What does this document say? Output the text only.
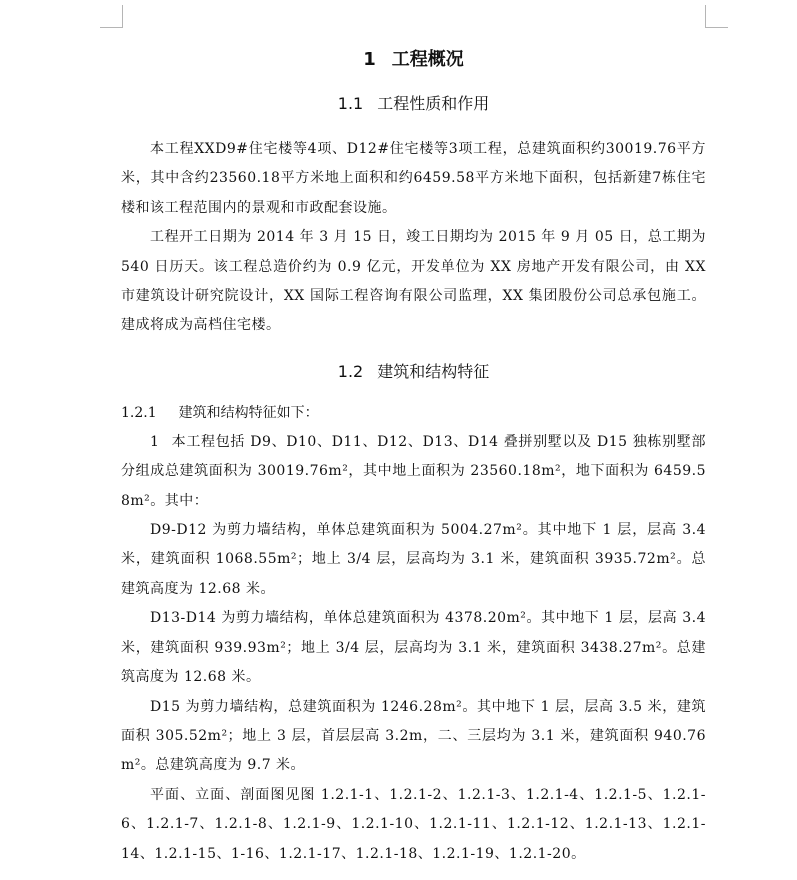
1 工程概况
1.1 工程性质和作用

本工程XXD9#住宅楼等4项、D12#住宅楼等3项工程，总建筑面积约30019.76平方米，其中含约23560.18平方米地上面积和约6459.58平方米地下面积，包括新建7栋住宅楼和该工程范围内的景观和市政配套设施。

工程开工日期为 2014 年 3 月 15 日，竣工日期均为 2015 年 9 月 05 日，总工期为 540 日历天。该工程总造价约为 0.9 亿元，开发单位为 XX 房地产开发有限公司，由 XX 市建筑设计研究院设计，XX 国际工程咨询有限公司监理，XX 集团股份公司总承包施工。建成将成为高档住宅楼。

1.2 建筑和结构特征
1.2.1 建筑和结构特征如下：

1 本工程包括 D9、D10、D11、D12、D13、D14 叠拼别墅以及 D15 独栋别墅部分组成总建筑面积为 30019.76m²，其中地上面积为 23560.18m²，地下面积为 6459.58m²。其中：

D9-D12 为剪力墙结构，单体总建筑面积为 5004.27m²。其中地下 1 层，层高 3.4 米，建筑面积 1068.55m²；地上 3/4 层，层高均为 3.1 米，建筑面积 3935.72m²。总建筑高度为 12.68 米。

D13-D14 为剪力墙结构，单体总建筑面积为 4378.20m²。其中地下 1 层，层高 3.4 米，建筑面积 939.93m²；地上 3/4 层，层高均为 3.1 米，建筑面积 3438.27m²。总建筑高度为 12.68 米。

D15 为剪力墙结构，总建筑面积为 1246.28m²。其中地下 1 层，层高 3.5 米，建筑面积 305.52m²；地上 3 层，首层层高 3.2m，二、三层均为 3.1 米，建筑面积 940.76m²。总建筑高度为 9.7 米。

平面、立面、剖面图见图 1.2.1-1、1.2.1-2、1.2.1-3、1.2.1-4、1.2.1-5、1.2.1-6、1.2.1-7、1.2.1-8、1.2.1-9、1.2.1-10、1.2.1-11、1.2.1-12、1.2.1-13、1.2.1-14、1.2.1-15、1-16、1.2.1-17、1.2.1-18、1.2.1-19、1.2.1-20。
